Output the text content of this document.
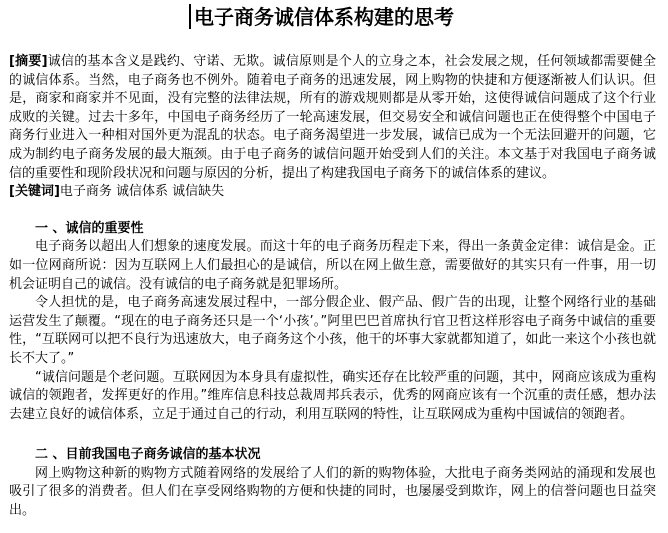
电子商务诚信体系构建的思考

[摘要]诚信的基本含义是践约、守诺、无欺。诚信原则是个人的立身之本，社会发展之规，任何领域都需要健全的诚信体系。当然，电子商务也不例外。随着电子商务的迅速发展，网上购物的快捷和方便逐渐被人们认识。但是，商家和商家并不见面，没有完整的法律法规，所有的游戏规则都是从零开始，这使得诚信问题成了这个行业成败的关键。过去十多年，中国电子商务经历了一轮高速发展，但交易安全和诚信问题也正在使得整个中国电子商务行业进入一种相对国外更为混乱的状态。电子商务渴望进一步发展，诚信已成为一个无法回避开的问题，它成为制约电子商务发展的最大瓶颈。由于电子商务的诚信问题开始受到人们的关注。本文基于对我国电子商务诚信的重要性和现阶段状况和问题与原因的分析，提出了构建我国电子商务下的诚信体系的建议。

[关键词]电子商务 诚信体系 诚信缺失

一 、诚信的重要性

电子商务以超出人们想象的速度发展。而这十年的电子商务历程走下来，得出一条黄金定律：诚信是金。正如一位网商所说：因为互联网上人们最担心的是诚信，所以在网上做生意，需要做好的其实只有一件事，用一切机会证明自己的诚信。没有诚信的电子商务就是犯罪场所。

令人担忧的是，电子商务高速发展过程中，一部分假企业、假产品、假广告的出现，让整个网络行业的基础运营发生了颠覆。“现在的电子商务还只是一个‘小孩’。”阿里巴巴首席执行官卫哲这样形容电子商务中诚信的重要性，“互联网可以把不良行为迅速放大，电子商务这个小孩，他干的坏事大家就都知道了，如此一来这个小孩也就长不大了。”

“诚信问题是个老问题。互联网因为本身具有虚拟性，确实还存在比较严重的问题，其中，网商应该成为重构诚信的领跑者，发挥更好的作用。”维库信息科技总裁周邦兵表示，优秀的网商应该有一个沉重的责任感，想办法去建立良好的诚信体系，立足于通过自己的行动，利用互联网的特性，让互联网成为重构中国诚信的领跑者。

二 、目前我国电子商务诚信的基本状况

网上购物这种新的购物方式随着网络的发展给了人们的新的购物体验，大批电子商务类网站的涌现和发展也吸引了很多的消费者。但人们在享受网络购物的方便和快捷的同时，也屡屡受到欺诈，网上的信誉问题也日益突出。
